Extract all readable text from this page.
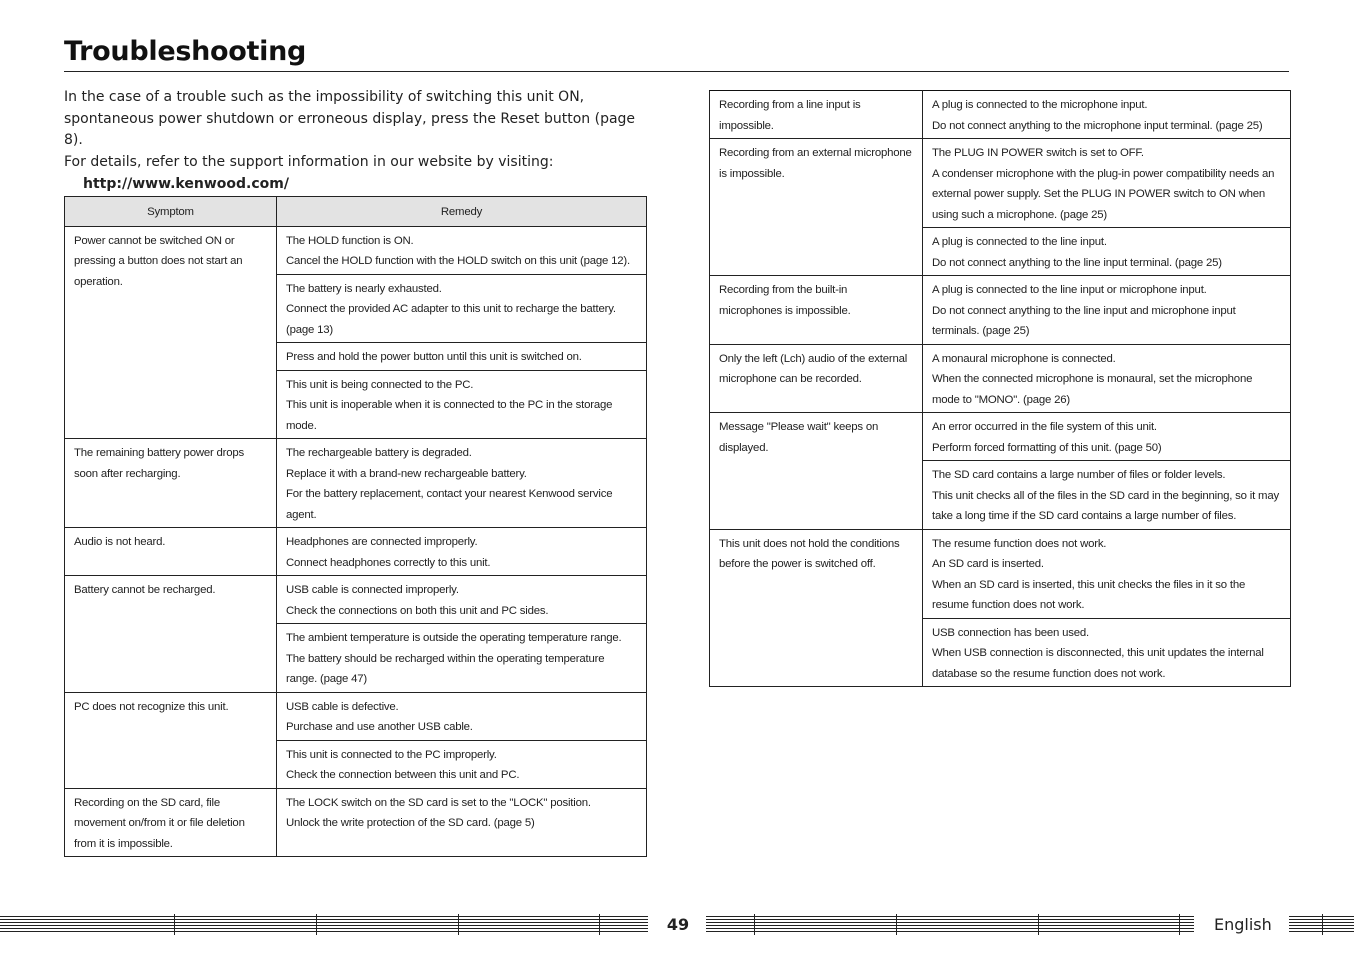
Troubleshooting

In the case of a trouble such as the impossibility of switching this unit ON, spontaneous power shutdown or erroneous display, press the Reset button (page 8).

For details, refer to the support information in our website by visiting:

http://www.kenwood.com/

Symptom	Remedy
Power cannot be switched ON or pressing a button does not start an operation.	The HOLD function is ON.
Cancel the HOLD function with the HOLD switch on this unit (page 12).

	The battery is nearly exhausted.
Connect the provided AC adapter to this unit to recharge the battery. (page 13)

	Press and hold the power button until this unit is switched on.

	This unit is being connected to the PC.
This unit is inoperable when it is connected to the PC in the storage mode.

The remaining battery power drops soon after recharging.	The rechargeable battery is degraded.
Replace it with a brand-new rechargeable battery.
For the battery replacement, contact your nearest Kenwood service agent.

Audio is not heard.	Headphones are connected improperly.
Connect headphones correctly to this unit.

Battery cannot be recharged.	USB cable is connected improperly.
Check the connections on both this unit and PC sides.

	The ambient temperature is outside the operating temperature range.
The battery should be recharged within the operating temperature range. (page 47)

PC does not recognize this unit.	USB cable is defective.
Purchase and use another USB cable.

	This unit is connected to the PC improperly.
Check the connection between this unit and PC.

Recording on the SD card, file movement on/from it or file deletion from it is impossible.	The LOCK switch on the SD card is set to the "LOCK" position.
Unlock the write protection of the SD card. (page 5)
Recording from a line input is impossible.	A plug is connected to the microphone input.
Do not connect anything to the microphone input terminal. (page 25)

Recording from an external microphone is impossible.	The PLUG IN POWER switch is set to OFF.
A condenser microphone with the plug-in power compatibility needs an external power supply. Set the PLUG IN POWER switch to ON when using such a microphone. (page 25)

	A plug is connected to the line input.
Do not connect anything to the line input terminal. (page 25)

Recording from the built-in microphones is impossible.	A plug is connected to the line input or microphone input.
Do not connect anything to the line input and microphone input terminals. (page 25)

Only the left (Lch) audio of the external microphone can be recorded.	A monaural microphone is connected.
When the connected microphone is monaural, set the microphone mode to "MONO". (page 26)

Message "Please wait" keeps on displayed.	An error occurred in the file system of this unit.
Perform forced formatting of this unit. (page 50)

	The SD card contains a large number of files or folder levels.
This unit checks all of the files in the SD card in the beginning, so it may take a long time if the SD card contains a large number of files.

This unit does not hold the conditions before the power is switched off.	The resume function does not work.
An SD card is inserted.
When an SD card is inserted, this unit checks the files in it so the resume function does not work.

	USB connection has been used.
When USB connection is disconnected, this unit updates the internal database so the resume function does not work.
49	English
